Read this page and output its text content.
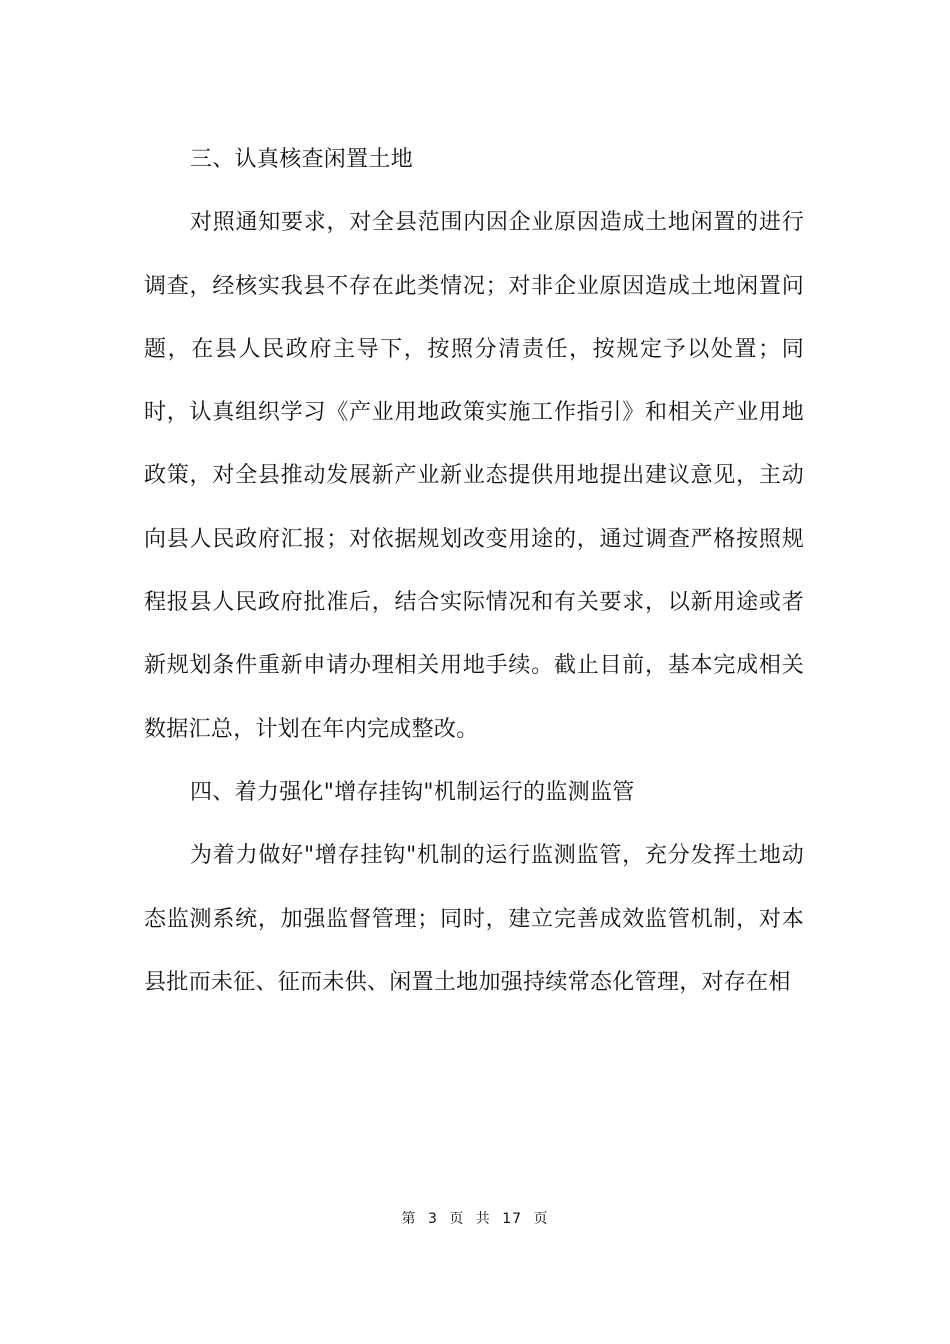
三、认真核查闲置土地

对照通知要求，对全县范围内因企业原因造成土地闲置的进行调查，经核实我县不存在此类情况；对非企业原因造成土地闲置问题，在县人民政府主导下，按照分清责任，按规定予以处置；同时，认真组织学习《产业用地政策实施工作指引》和相关产业用地政策，对全县推动发展新产业新业态提供用地提出建议意见，主动向县人民政府汇报；对依据规划改变用途的，通过调查严格按照规程报县人民政府批准后，结合实际情况和有关要求，以新用途或者新规划条件重新申请办理相关用地手续。截止目前，基本完成相关数据汇总，计划在年内完成整改。

四、着力强化"增存挂钩"机制运行的监测监管

为着力做好"增存挂钩"机制的运行监测监管，充分发挥土地动态监测系统，加强监督管理；同时，建立完善成效监管机制，对本县批而未征、征而未供、闲置土地加强持续常态化管理，对存在相

第 3 页 共 17 页
